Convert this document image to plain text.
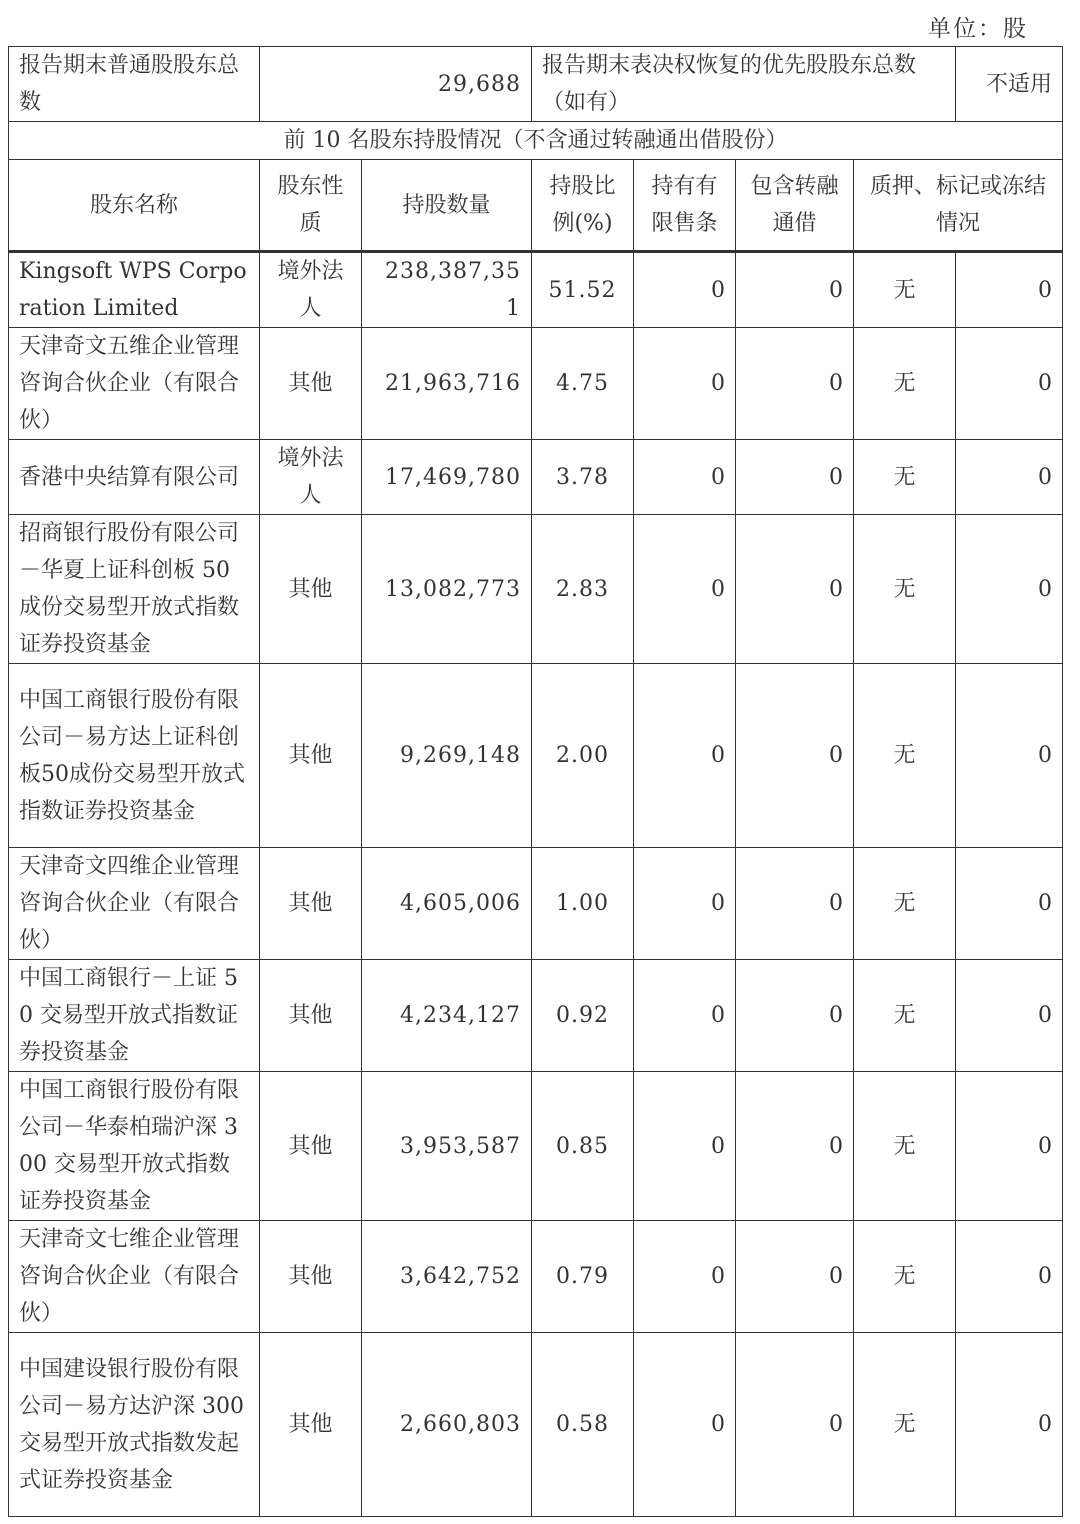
单位：股
报告期末普通股股东总数	29,688		报告期末表决权恢复的优先股股东总数（如有）				不适用
前 10 名股东持股情况（不含通过转融通出借股份）							
股东名称	股东性质	持股数量	持股比例(%)	持有有限售条	包含转融通借	质押、标记或冻结情况	
Kingsoft WPS Corporation Limited	境外法人	238,387,351	51.52	0	0	无	0
天津奇文五维企业管理咨询合伙企业（有限合伙）	其他	21,963,716	4.75	0	0	无	0
香港中央结算有限公司	境外法人	17,469,780	3.78	0	0	无	0
招商银行股份有限公司－华夏上证科创板 50 成份交易型开放式指数证券投资基金	其他	13,082,773	2.83	0	0	无	0
中国工商银行股份有限公司－易方达上证科创板50成份交易型开放式指数证券投资基金	其他	9,269,148	2.00	0	0	无	0
天津奇文四维企业管理咨询合伙企业（有限合伙）	其他	4,605,006	1.00	0	0	无	0
中国工商银行－上证 50 交易型开放式指数证券投资基金	其他	4,234,127	0.92	0	0	无	0
中国工商银行股份有限公司－华泰柏瑞沪深 300 交易型开放式指数证券投资基金	其他	3,953,587	0.85	0	0	无	0
天津奇文七维企业管理咨询合伙企业（有限合伙）	其他	3,642,752	0.79	0	0	无	0
中国建设银行股份有限公司－易方达沪深 300 交易型开放式指数发起式证券投资基金	其他	2,660,803	0.58	0	0	无	0
